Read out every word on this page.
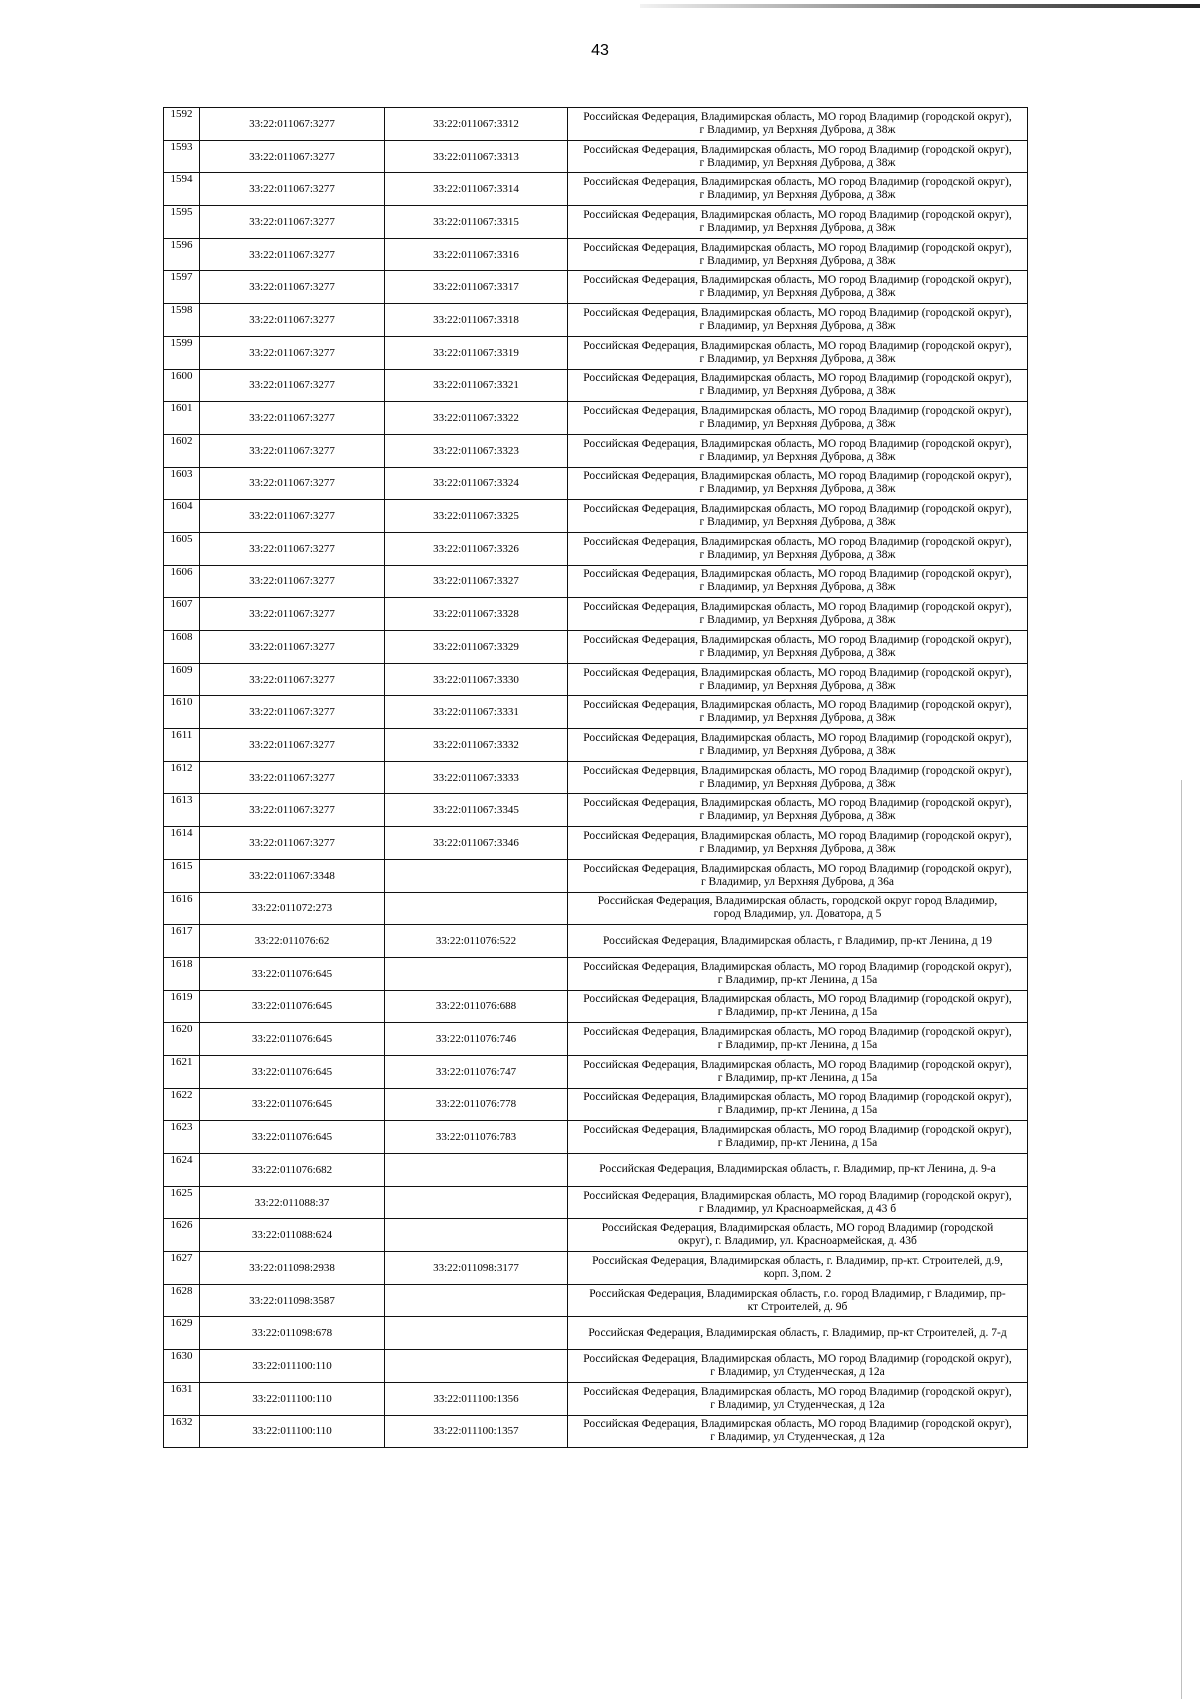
43
1592	33:22:011067:3277	33:22:011067:3312	Российская Федерация, Владимирская область, МО город Владимир (городской округ),
г Владимир, ул Верхняя Дуброва, д 38ж

1593	33:22:011067:3277	33:22:011067:3313	Российская Федерация, Владимирская область, МО город Владимир (городской округ),
г Владимир, ул Верхняя Дуброва, д 38ж

1594	33:22:011067:3277	33:22:011067:3314	Российская Федерация, Владимирская область, МО город Владимир (городской округ),
г Владимир, ул Верхняя Дуброва, д 38ж

1595	33:22:011067:3277	33:22:011067:3315	Российская Федерация, Владимирская область, МО город Владимир (городской округ),
г Владимир, ул Верхняя Дуброва, д 38ж

1596	33:22:011067:3277	33:22:011067:3316	Российская Федерация, Владимирская область, МО город Владимир (городской округ),
г Владимир, ул Верхняя Дуброва, д 38ж

1597	33:22:011067:3277	33:22:011067:3317	Российская Федерация, Владимирская область, МО город Владимир (городской округ),
г Владимир, ул Верхняя Дуброва, д 38ж

1598	33:22:011067:3277	33:22:011067:3318	Российская Федерация, Владимирская область, МО город Владимир (городской округ),
г Владимир, ул Верхняя Дуброва, д 38ж

1599	33:22:011067:3277	33:22:011067:3319	Российская Федерация, Владимирская область, МО город Владимир (городской округ),
г Владимир, ул Верхняя Дуброва, д 38ж

1600	33:22:011067:3277	33:22:011067:3321	Российская Федерация, Владимирская область, МО город Владимир (городской округ),
г Владимир, ул Верхняя Дуброва, д 38ж

1601	33:22:011067:3277	33:22:011067:3322	Российская Федерация, Владимирская область, МО город Владимир (городской округ),
г Владимир, ул Верхняя Дуброва, д 38ж

1602	33:22:011067:3277	33:22:011067:3323	Российская Федерация, Владимирская область, МО город Владимир (городской округ),
г Владимир, ул Верхняя Дуброва, д 38ж

1603	33:22:011067:3277	33:22:011067:3324	Российская Федерация, Владимирская область, МО город Владимир (городской округ),
г Владимир, ул Верхняя Дуброва, д 38ж

1604	33:22:011067:3277	33:22:011067:3325	Российская Федерация, Владимирская область, МО город Владимир (городской округ),
г Владимир, ул Верхняя Дуброва, д 38ж

1605	33:22:011067:3277	33:22:011067:3326	Российская Федерация, Владимирская область, МО город Владимир (городской округ),
г Владимир, ул Верхняя Дуброва, д 38ж

1606	33:22:011067:3277	33:22:011067:3327	Российская Федерация, Владимирская область, МО город Владимир (городской округ),
г Владимир, ул Верхняя Дуброва, д 38ж

1607	33:22:011067:3277	33:22:011067:3328	Российская Федерация, Владимирская область, МО город Владимир (городской округ),
г Владимир, ул Верхняя Дуброва, д 38ж

1608	33:22:011067:3277	33:22:011067:3329	Российская Федерация, Владимирская область, МО город Владимир (городской округ),
г Владимир, ул Верхняя Дуброва, д 38ж

1609	33:22:011067:3277	33:22:011067:3330	Российская Федерация, Владимирская область, МО город Владимир (городской округ),
г Владимир, ул Верхняя Дуброва, д 38ж

1610	33:22:011067:3277	33:22:011067:3331	Российская Федерация, Владимирская область, МО город Владимир (городской округ),
г Владимир, ул Верхняя Дуброва, д 38ж

1611	33:22:011067:3277	33:22:011067:3332	Российская Федерация, Владимирская область, МО город Владимир (городской округ),
г Владимир, ул Верхняя Дуброва, д 38ж

1612	33:22:011067:3277	33:22:011067:3333	Российская Федервция, Владимирская область, МО город Владимир (городской округ),
г Владимир, ул Верхняя Дуброва, д 38ж

1613	33:22:011067:3277	33:22:011067:3345	Российская Федерация, Владимирская область, МО город Владимир (городской округ),
г Владимир, ул Верхняя Дуброва, д 38ж

1614	33:22:011067:3277	33:22:011067:3346	Российская Федерация, Владимирская область, МО город Владимир (городской округ),
г Владимир, ул Верхняя Дуброва, д 38ж

1615	33:22:011067:3348		Российская Федерация, Владимирская область, МО город Владимир (городской округ),
г Владимир, ул Верхняя Дуброва, д 36а

1616	33:22:011072:273		Российская Федерация, Владимирская область, городской округ город Владимир,
город Владимир, ул. Доватора, д 5

1617	33:22:011076:62	33:22:011076:522	Российская Федерация, Владимирская область, г Владимир, пр-кт Ленина, д 19

1618	33:22:011076:645		Российская Федерация, Владимирская область, МО город Владимир (городской округ),
г Владимир, пр-кт Ленина, д 15а

1619	33:22:011076:645	33:22:011076:688	Российская Федерация, Владимирская область, МО город Владимир (городской округ),
г Владимир, пр-кт Ленина, д 15а

1620	33:22:011076:645	33:22:011076:746	Российская Федерация, Владимирская область, МО город Владимир (городской округ),
г Владимир, пр-кт Ленина, д 15а

1621	33:22:011076:645	33:22:011076:747	Российская Федерация, Владимирская область, МО город Владимир (городской округ),
г Владимир, пр-кт Ленина, д 15а

1622	33:22:011076:645	33:22:011076:778	Российская Федерация, Владимирская область, МО город Владимир (городской округ),
г Владимир, пр-кт Ленина, д 15а

1623	33:22:011076:645	33:22:011076:783	Российская Федерация, Владимирская область, МО город Владимир (городской округ),
г Владимир, пр-кт Ленина, д 15а

1624	33:22:011076:682		Российская Федерация, Владимирская область, г. Владимир, пр-кт Ленина, д. 9-а

1625	33:22:011088:37		Российская Федерация, Владимирская область, МО город Владимир (городской округ),
г Владимир, ул Красноармейская, д 43 б

1626	33:22:011088:624		Российская Федерация, Владимирская область, МО город Владимир (городской
округ), г. Владимир, ул. Красноармейская, д. 43б

1627	33:22:011098:2938	33:22:011098:3177	Российская Федерация, Владимирская область, г. Владимир, пр-кт. Строителей, д.9,
корп. 3,пом. 2

1628	33:22:011098:3587		Российская Федерация, Владимирская область, г.о. город Владимир, г Владимир, пр-
кт Строителей, д. 9б

1629	33:22:011098:678		Российская Федерация, Владимирская область, г. Владимир, пр-кт Строителей, д. 7-д

1630	33:22:011100:110		Российская Федерация, Владимирская область, МО город Владимир (городской округ),
г Владимир, ул Студенческая, д 12а

1631	33:22:011100:110	33:22:011100:1356	Российская Федерация, Владимирская область, МО город Владимир (городской округ),
г Владимир, ул Студенческая, д 12а

1632	33:22:011100:110	33:22:011100:1357	Российская Федерация, Владимирская область, МО город Владимир (городской округ),
г Владимир, ул Студенческая, д 12а
